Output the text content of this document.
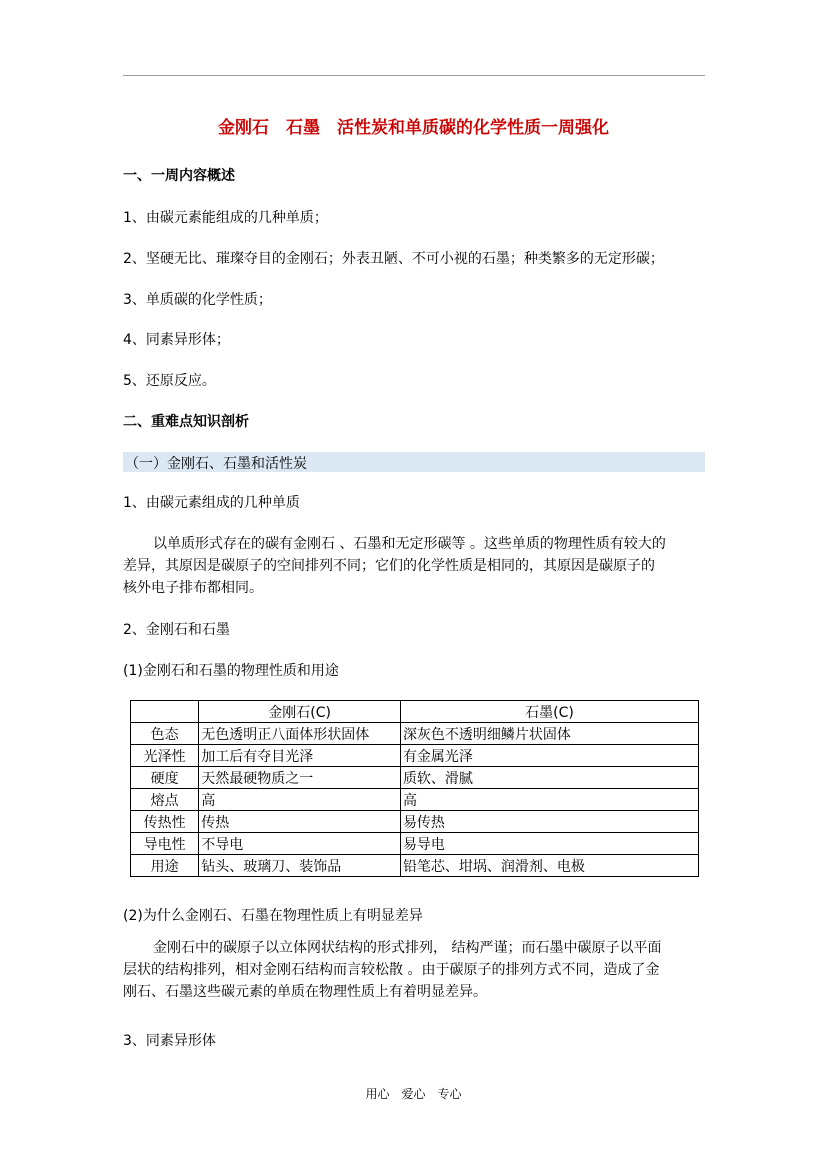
金刚石　石墨　活性炭和单质碳的化学性质一周强化
一、一周内容概述
1、由碳元素能组成的几种单质；
2、坚硬无比、璀璨夺目的金刚石；外表丑陋、不可小视的石墨；种类繁多的无定形碳；
3、单质碳的化学性质；
4、同素异形体；
5、还原反应。
二、重难点知识剖析
（一）金刚石、石墨和活性炭
1、由碳元素组成的几种单质
以单质形式存在的碳有金刚石 、石墨和无定形碳等 。这些单质的物理性质有较大的
差异，其原因是碳原子的空间排列不同；它们的化学性质是相同的，其原因是碳原子的
核外电子排布都相同。
2、金刚石和石墨
(1)金刚石和石墨的物理性质和用途
	金刚石(C)	石墨(C)
色态	无色透明正八面体形状固体	深灰色不透明细鳞片状固体
光泽性	加工后有夺目光泽	有金属光泽
硬度	天然最硬物质之一	质软、滑腻
熔点	高	高
传热性	传热	易传热
导电性	不导电	易导电
用途	钻头、玻璃刀、装饰品	铅笔芯、坩埚、润滑剂、电极
(2)为什么金刚石、石墨在物理性质上有明显差异
金刚石中的碳原子以立体网状结构的形式排列， 结构严谨；而石墨中碳原子以平面
层状的结构排列，相对金刚石结构而言较松散 。由于碳原子的排列方式不同，造成了金
刚石、石墨这些碳元素的单质在物理性质上有着明显差异。
3、同素异形体
用心　爱心　专心
